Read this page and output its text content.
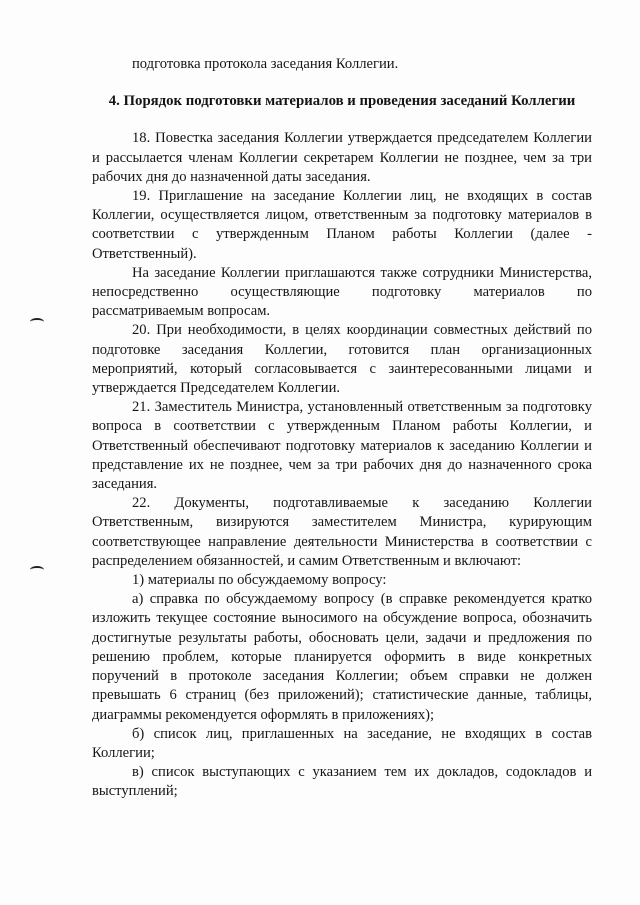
подготовка протокола заседания Коллегии.

4. Порядок подготовки материалов и проведения заседаний Коллегии

18. Повестка заседания Коллегии утверждается председателем Коллегии и рассылается членам Коллегии секретарем Коллегии не позднее, чем за три рабочих дня до назначенной даты заседания.

19. Приглашение на заседание Коллегии лиц, не входящих в состав Коллегии, осуществляется лицом, ответственным за подготовку материалов в соответствии с утвержденным Планом работы Коллегии (далее - Ответственный).

На заседание Коллегии приглашаются также сотрудники Министерства, непосредственно осуществляющие подготовку материалов по рассматриваемым вопросам.

20. При необходимости, в целях координации совместных действий по подготовке заседания Коллегии, готовится план организационных мероприятий, который согласовывается с заинтересованными лицами и утверждается Председателем Коллегии.

21. Заместитель Министра, установленный ответственным за подготовку вопроса в соответствии с утвержденным Планом работы Коллегии, и Ответственный обеспечивают подготовку материалов к заседанию Коллегии и представление их не позднее, чем за три рабочих дня до назначенного срока заседания.

22. Документы, подготавливаемые к заседанию Коллегии Ответственным, визируются заместителем Министра, курирующим соответствующее направление деятельности Министерства в соответствии с распределением обязанностей, и самим Ответственным и включают:

1) материалы по обсуждаемому вопросу:

а) справка по обсуждаемому вопросу (в справке рекомендуется кратко изложить текущее состояние выносимого на обсуждение вопроса, обозначить достигнутые результаты работы, обосновать цели, задачи и предложения по решению проблем, которые планируется оформить в виде конкретных поручений в протоколе заседания Коллегии; объем справки не должен превышать 6 страниц (без приложений); статистические данные, таблицы, диаграммы рекомендуется оформлять в приложениях);

б) список лиц, приглашенных на заседание, не входящих в состав Коллегии;

в) список выступающих с указанием тем их докладов, содокладов и выступлений;
